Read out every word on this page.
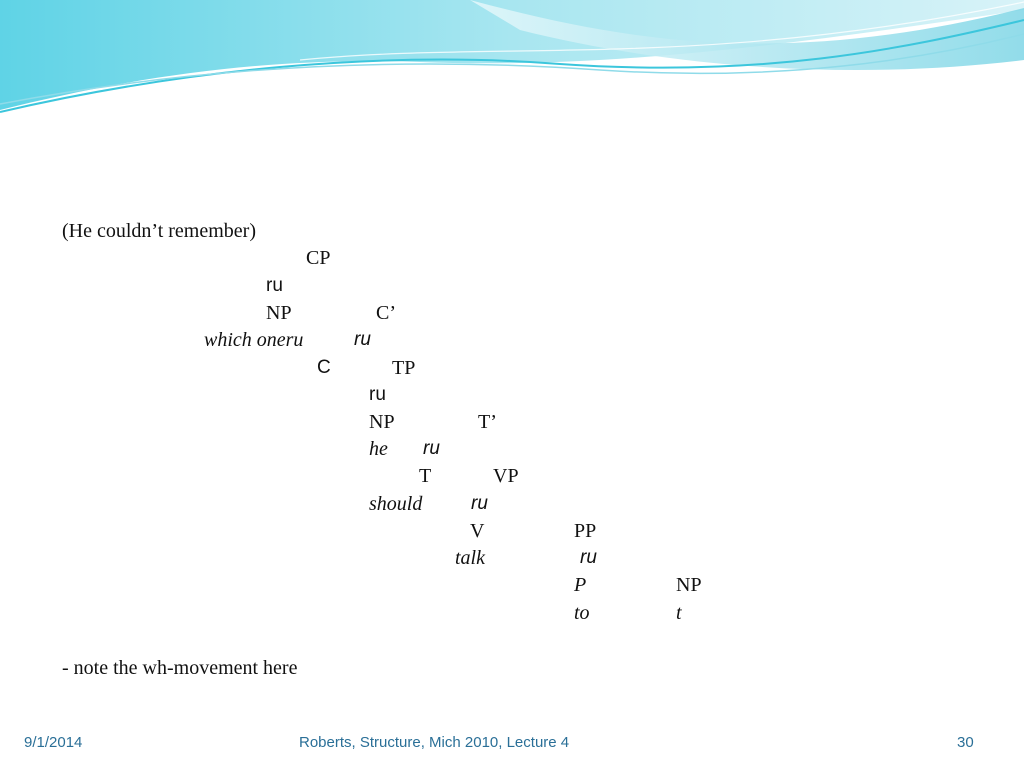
(He couldn’t remember)
CP
ru
NP	C’
which oneru	ru
C	TP
ru
NP	T’
he ru
T	VP
should	ru
V	PP
talk	ru
P	NP
to	t
- note the wh-movement here
9/1/2014	Roberts, Structure, Mich 2010, Lecture 4	30
